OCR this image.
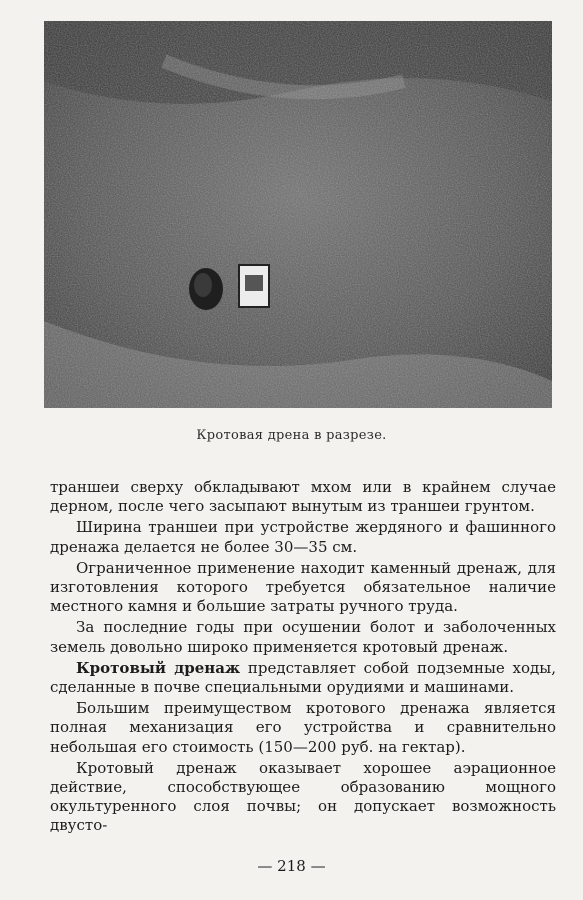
Кротовая дрена в разрезе.

траншеи сверху обкладывают мхом или в крайнем случае дерном, после чего засыпают вынутым из траншеи грунтом.

Ширина траншеи при устройстве жердяного и фашинного дренажа делается не более 30—35 см.

Ограниченное применение находит каменный дренаж, для изготовления которого требуется обязательное наличие местного камня и большие затраты ручного труда.

За последние годы при осушении болот и заболоченных земель довольно широко применяется кротовый дренаж.

Кротовый дренаж представляет собой подземные ходы, сделанные в почве специальными орудиями и машинами.

Большим преимуществом кротового дренажа является полная механизация его устройства и сравнительно небольшая его стоимость (150—200 руб. на гектар).

Кротовый дренаж оказывает хорошее аэрационное действие, способствующее образованию мощного окультуренного слоя почвы; он допускает возможность двусто-

— 218 —
